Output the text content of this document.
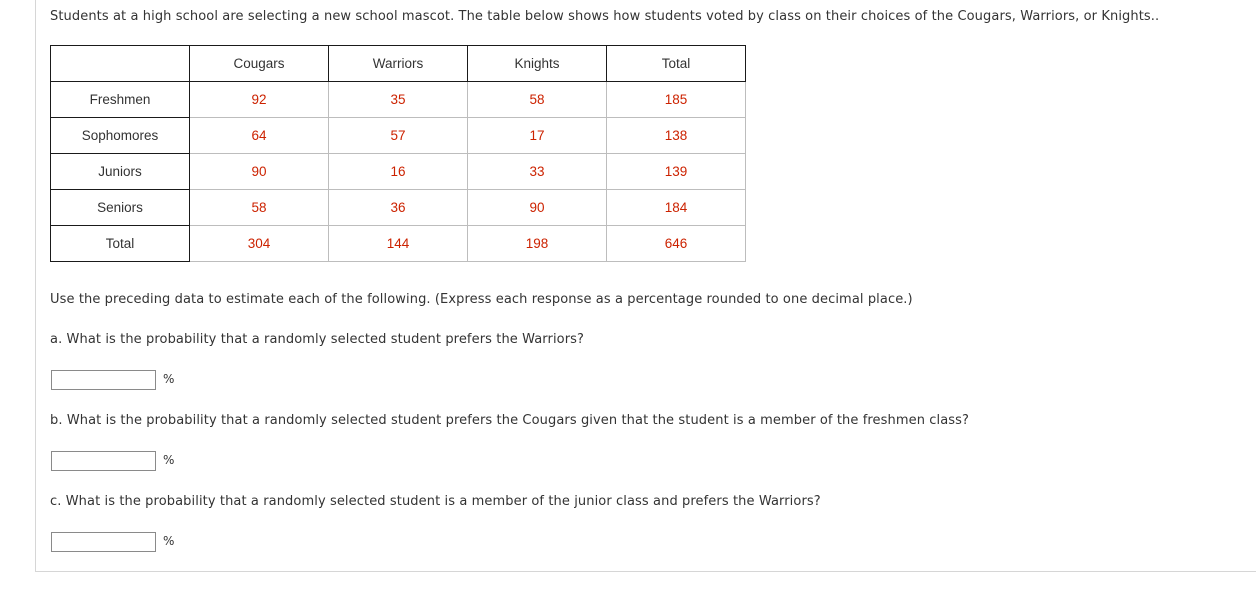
Students at a high school are selecting a new school mascot. The table below shows how students voted by class on their choices of the Cougars, Warriors, or Knights..
	Cougars	Warriors	Knights	Total
Freshmen	92	35	58	185
Sophomores	64	57	17	138
Juniors	90	16	33	139
Seniors	58	36	90	184
Total	304	144	198	646
Use the preceding data to estimate each of the following. (Express each response as a percentage rounded to one decimal place.)
a. What is the probability that a randomly selected student prefers the Warriors?
%
b. What is the probability that a randomly selected student prefers the Cougars given that the student is a member of the freshmen class?
%
c. What is the probability that a randomly selected student is a member of the junior class and prefers the Warriors?
%
